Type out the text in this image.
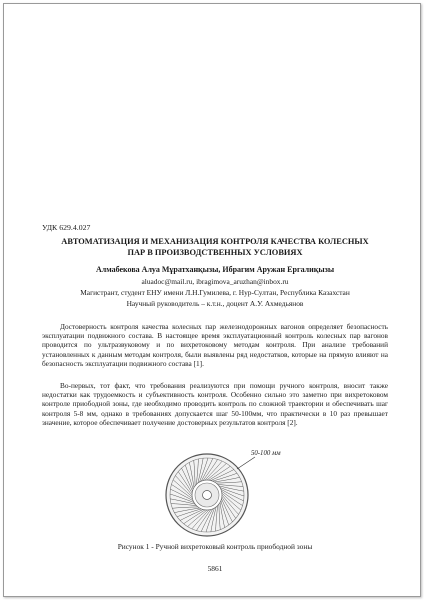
УДК 629.4.027
АВТОМАТИЗАЦИЯ И МЕХАНИЗАЦИЯ КОНТРОЛЯ КАЧЕСТВА КОЛЕСНЫХ
ПАР В ПРОИЗВОДСТВЕННЫХ УСЛОВИЯХ
Алмабекова Алуа Мұратханқызы, Ибрагим Аружан Ергалиқызы
aluadoc@mail.ru, ibragimova_aruzhan@inbox.ru
Магистрант, студент ЕНУ имени Л.Н.Гумилева, г. Нур-Султан, Республика Казахстан
Научный руководитель – к.т.н., доцент А.У. Ахмедьянов

Достоверность контроля качества колесных пар железнодорожных вагонов определяет безопасность эксплуатации подвижного состава. В настоящее время эксплуатационный контроль колесных пар вагонов проводится по ультразвуковому и по вихретоковому методам контроля. При анализе требований установленных к данным методам контроля, были выявлены ряд недостатков, которые на прямую влияют на безопасность эксплуатации подвижного состава [1].

Во-первых, тот факт, что требования реализуются при помощи ручного контроля, вносит также недостатки как трудоемкость и субъективность контроля. Особенно сильно это заметно при вихретоковом контроле приободной зоны, где необходимо проводить контроль по сложной траектории и обеспечивать шаг контроля 5-8 мм, однако в требованиях допускается шаг 50-100мм, что практически в 10 раз превышает значение, которое обеспечивает получение достоверных результатов контроля [2].

50-100 мм
Рисунок 1 - Ручной вихретоковый контроль приободной зоны
5861
